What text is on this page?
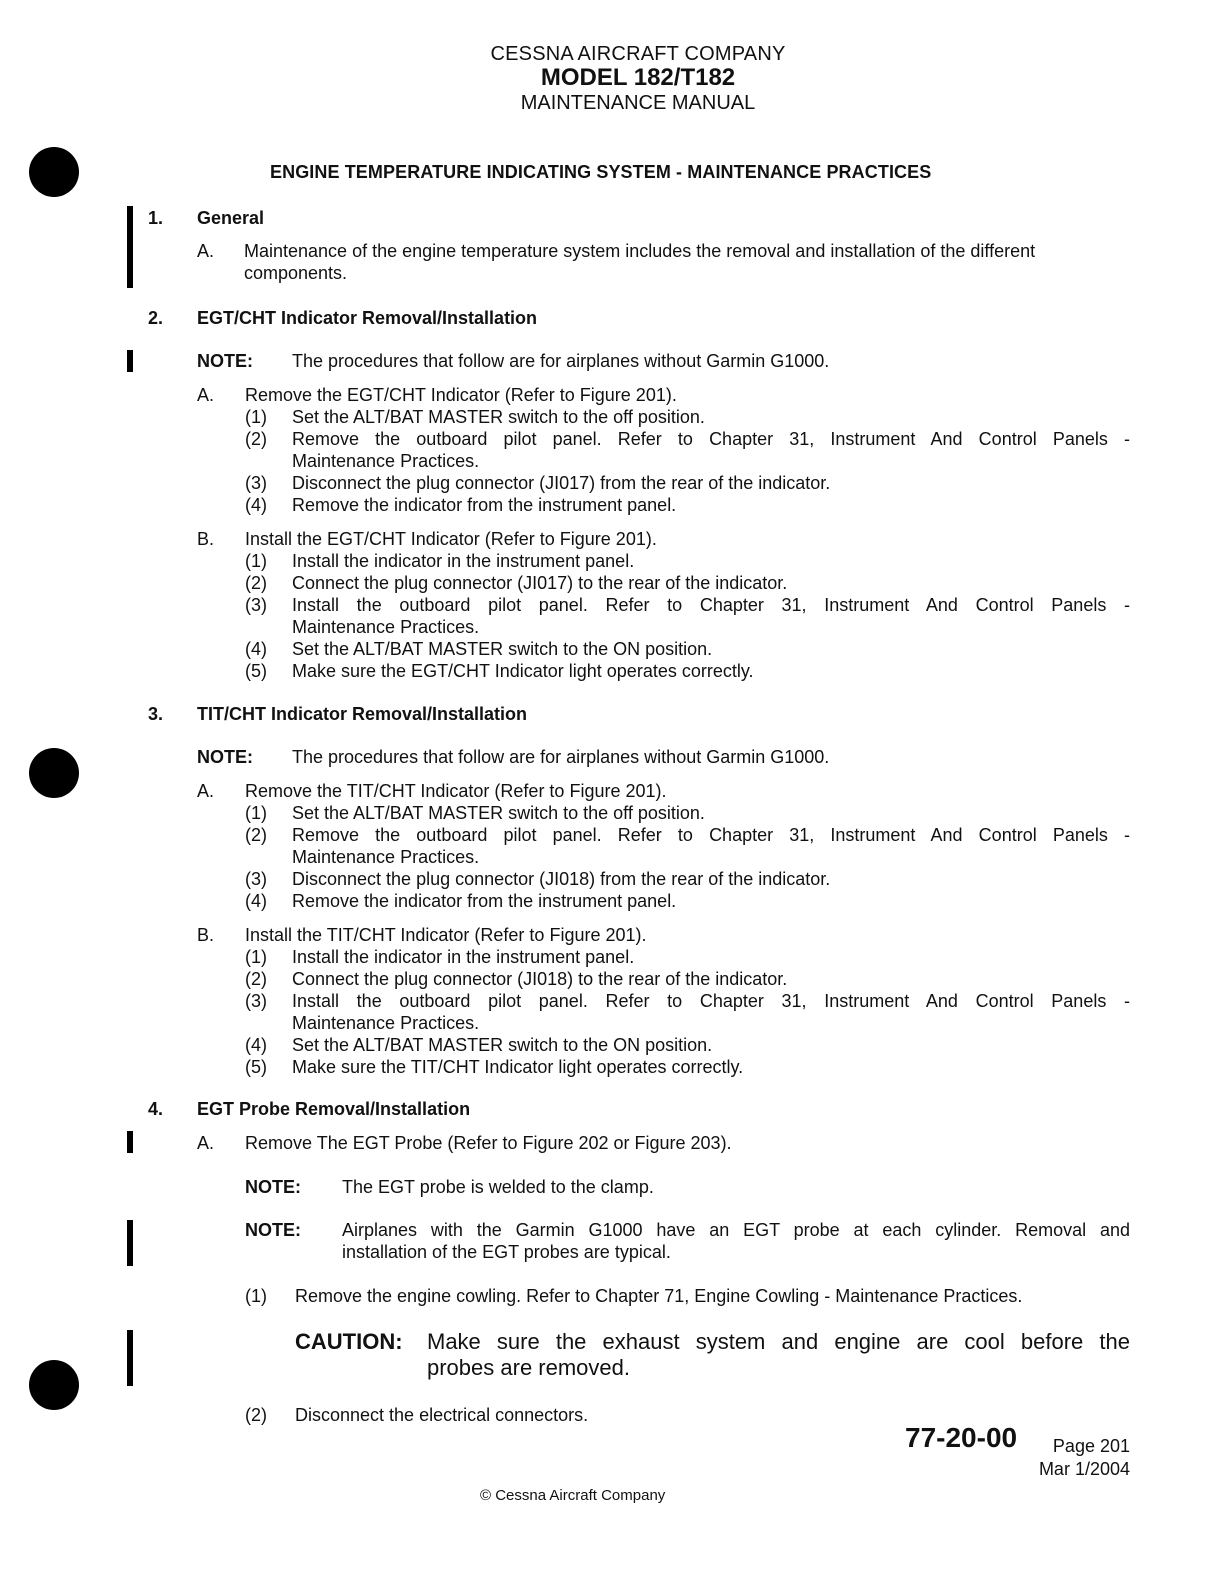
CESSNA AIRCRAFT COMPANY
MODEL 182/T182
MAINTENANCE MANUAL
ENGINE TEMPERATURE INDICATING SYSTEM - MAINTENANCE PRACTICES
1. General
A. Maintenance of the engine temperature system includes the removal and installation of the different
components.
2. EGT/CHT Indicator Removal/Installation
NOTE: The procedures that follow are for airplanes without Garmin G1000.
A. Remove the EGT/CHT Indicator (Refer to Figure 201).
(1) Set the ALT/BAT MASTER switch to the off position.
(2) Remove the outboard pilot panel. Refer to Chapter 31, Instrument And Control Panels -
Maintenance Practices.
(3) Disconnect the plug connector (JI017) from the rear of the indicator.
(4) Remove the indicator from the instrument panel.
B. Install the EGT/CHT Indicator (Refer to Figure 201).
(1) Install the indicator in the instrument panel.
(2) Connect the plug connector (JI017) to the rear of the indicator.
(3) Install the outboard pilot panel. Refer to Chapter 31, Instrument And Control Panels -
Maintenance Practices.
(4) Set the ALT/BAT MASTER switch to the ON position.
(5) Make sure the EGT/CHT Indicator light operates correctly.
3. TIT/CHT Indicator Removal/Installation
NOTE: The procedures that follow are for airplanes without Garmin G1000.
A. Remove the TIT/CHT Indicator (Refer to Figure 201).
(1) Set the ALT/BAT MASTER switch to the off position.
(2) Remove the outboard pilot panel. Refer to Chapter 31, Instrument And Control Panels -
Maintenance Practices.
(3) Disconnect the plug connector (JI018) from the rear of the indicator.
(4) Remove the indicator from the instrument panel.
B. Install the TIT/CHT Indicator (Refer to Figure 201).
(1) Install the indicator in the instrument panel.
(2) Connect the plug connector (JI018) to the rear of the indicator.
(3) Install the outboard pilot panel. Refer to Chapter 31, Instrument And Control Panels -
Maintenance Practices.
(4) Set the ALT/BAT MASTER switch to the ON position.
(5) Make sure the TIT/CHT Indicator light operates correctly.
4. EGT Probe Removal/Installation
A. Remove The EGT Probe (Refer to Figure 202 or Figure 203).
NOTE: The EGT probe is welded to the clamp.
NOTE: Airplanes with the Garmin G1000 have an EGT probe at each cylinder. Removal and
installation of the EGT probes are typical.
(1) Remove the engine cowling. Refer to Chapter 71, Engine Cowling - Maintenance Practices.
CAUTION: Make sure the exhaust system and engine are cool before the
probes are removed.
(2) Disconnect the electrical connectors.
77-20-00	Page 201
Mar 1/2004
© Cessna Aircraft Company
